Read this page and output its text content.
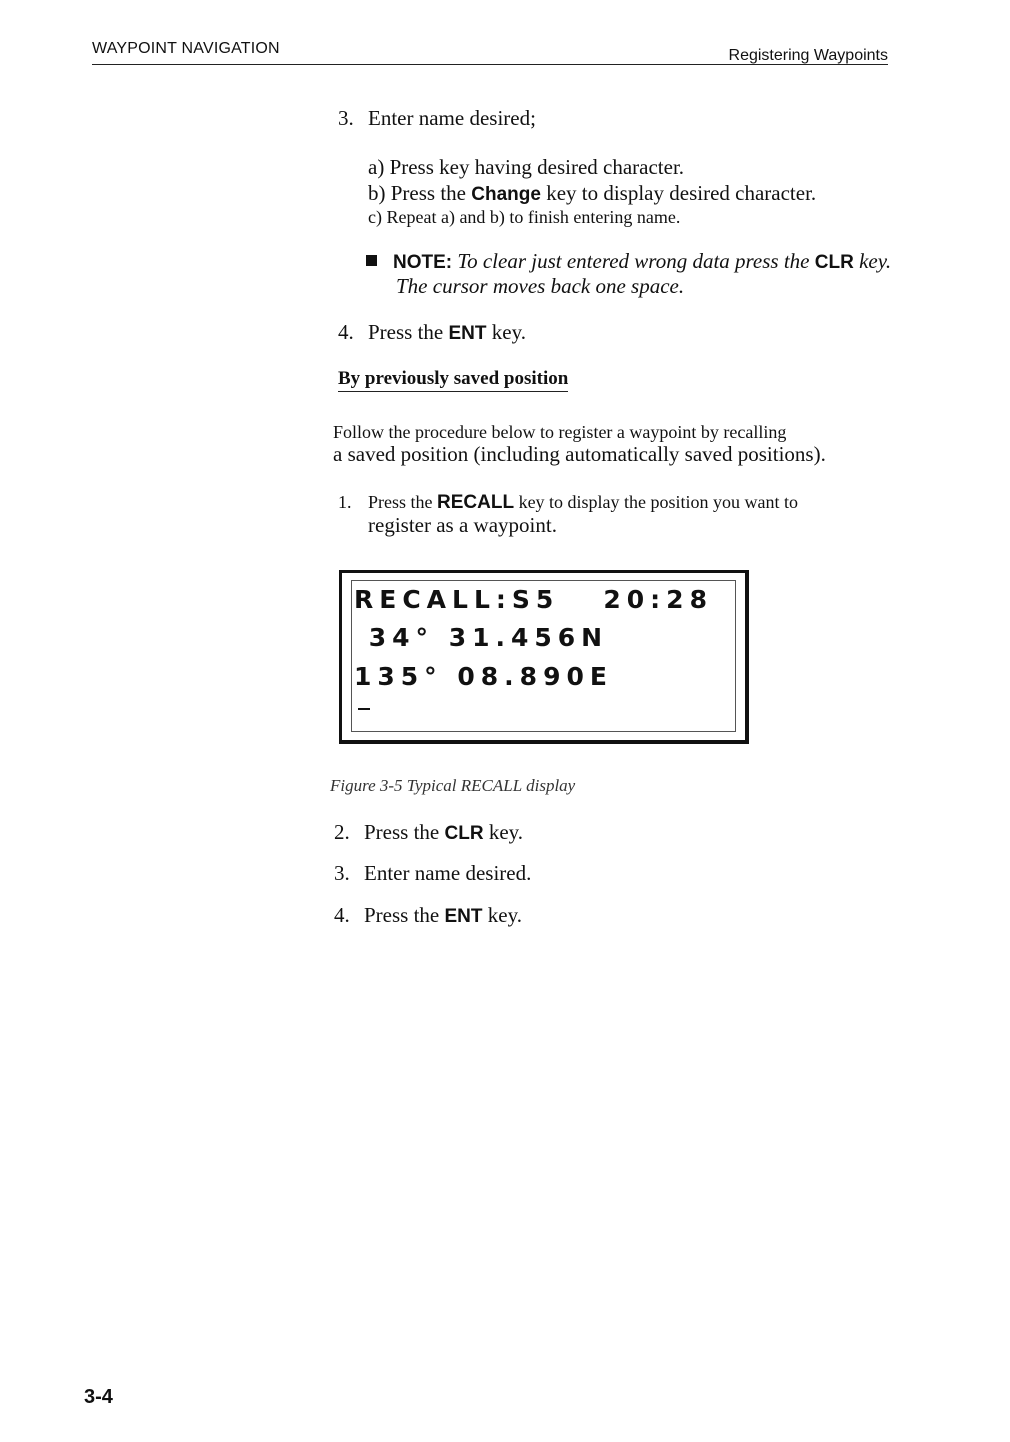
WAYPOINT NAVIGATION	Registering Waypoints
3. Enter name desired;
a) Press key having desired character.
b) Press the Change key to display desired character.
c) Repeat a) and b) to finish entering name.
NOTE: To clear just entered wrong data press the CLR key.
The cursor moves back one space.
4. Press the ENT key.
By previously saved position
Follow the procedure below to register a waypoint by recalling
a saved position (including automatically saved positions).
1. Press the RECALL key to display the position you want to
register as a waypoint.
RECALL:S5   20:28
34° 31.456N
135° 08.890E
Figure 3-5 Typical RECALL display
2. Press the CLR key.
3. Enter name desired.
4. Press the ENT key.
3-4
